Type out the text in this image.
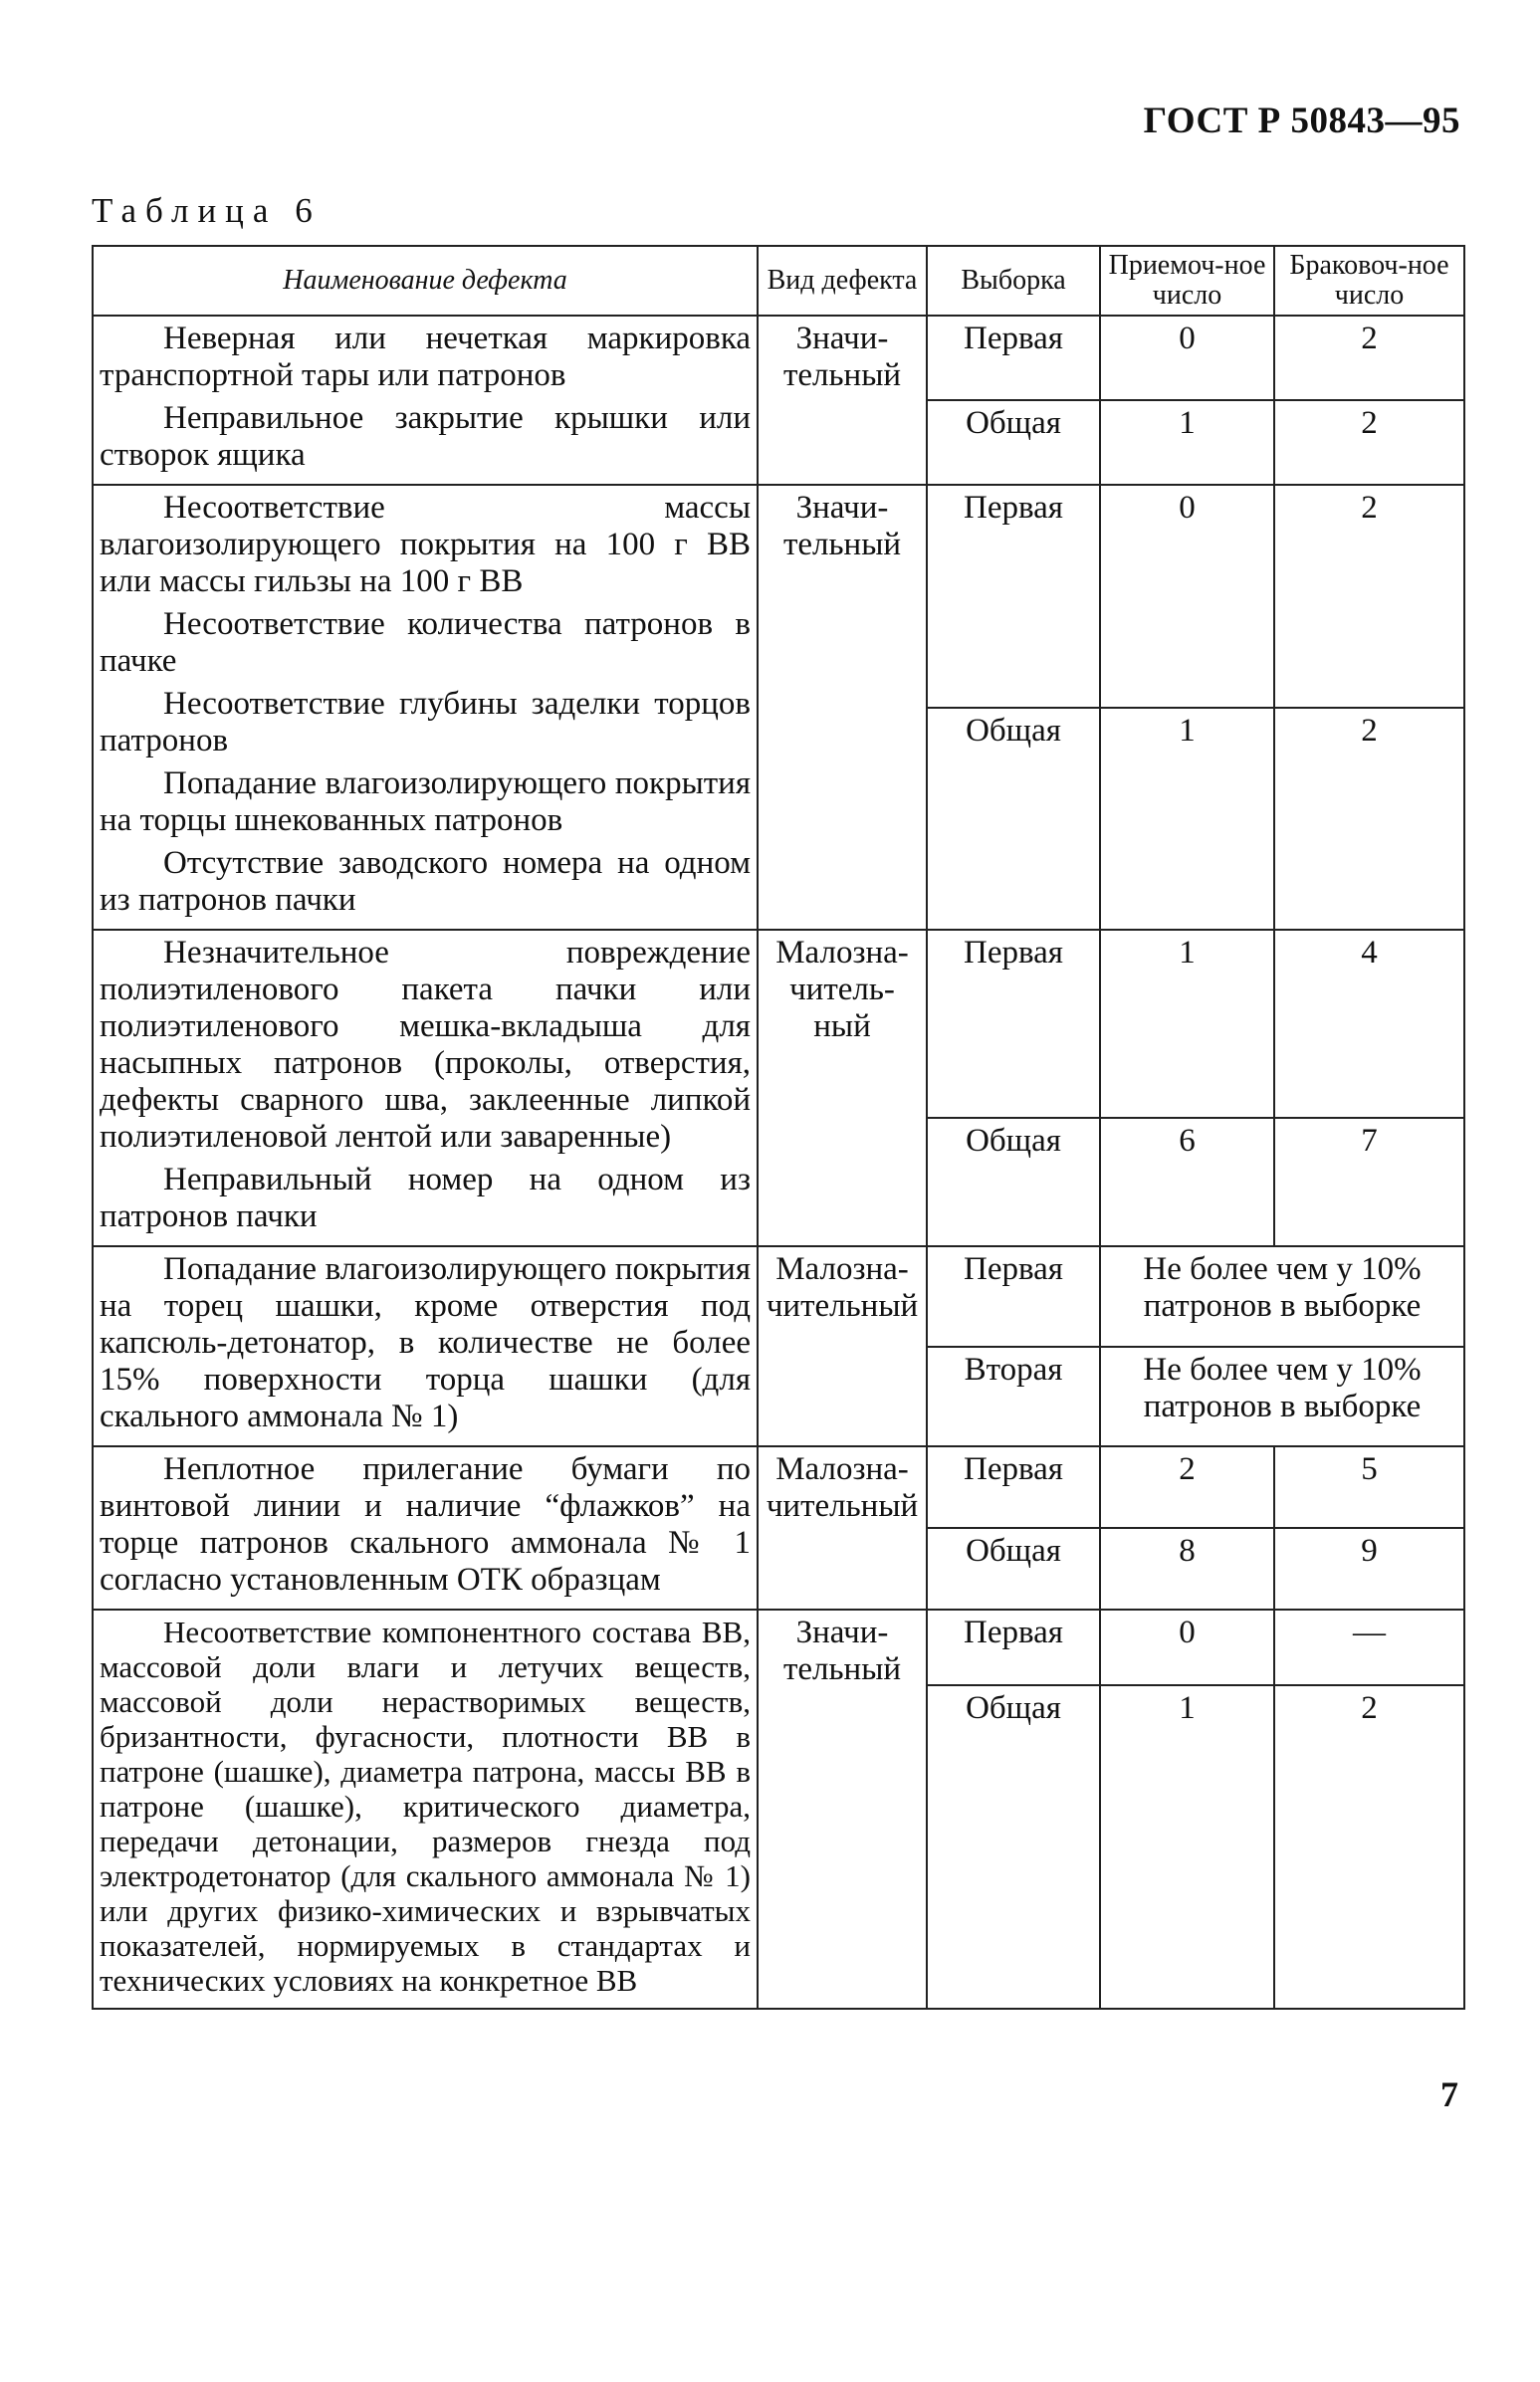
ГОСТ Р 50843—95
Таблица 6
Наименование дефекта	Вид дефекта	Выборка	Приемоч-ное число	Браковоч-ное число

Неверная или нечеткая маркировка транспортной тары или патронов

Неправильное закрытие крышки или створок ящика	Значи-тельный	Первая	0	2
		Общая	1	2

Несоответствие массы влагоизолирующего покрытия на 100 г ВВ или массы гильзы на 100 г ВВ

Несоответствие количества патронов в пачке

Несоответствие глубины заделки торцов патронов

Попадание влагоизолирующего покрытия на торцы шнекованных патронов

Отсутствие заводского номера на одном из патронов пачки	Значи-тельный	Первая	0	2
		Общая	1	2

Незначительное повреждение полиэтиленового пакета пачки или полиэтиленового мешка-вкладыша для насыпных патронов (проколы, отверстия, дефекты сварного шва, заклеенные липкой полиэтиленовой лентой или заваренные)

Неправильный номер на одном из патронов пачки	Малозна-читель-ный	Первая	1	4
		Общая	6	7

Попадание влагоизолирующего покрытия на торец шашки, кроме отверстия под капсюль-детонатор, в количестве не более 15% поверхности торца шашки (для скального аммонала № 1)	Малозна-чительный	Первая	Не более чем у 10% патронов в выборке	
		Вторая	Не более чем у 10% патронов в выборке	

Неплотное прилегание бумаги по винтовой линии и наличие “флажков” на торце патронов скального аммонала № 1 согласно установленным ОТК образцам	Малозна-чительный	Первая	2	5
		Общая	8	9

Несоответствие компонентного состава ВВ, массовой доли влаги и летучих веществ, массовой доли нерастворимых веществ, бризантности, фугасности, плотности ВВ в патроне (шашке), диаметра патрона, массы ВВ в патроне (шашке), критического диаметра, передачи детонации, размеров гнезда под электродетонатор (для скального аммонала № 1) или других физико-химических и взрывчатых показателей, нормируемых в стандартах и технических условиях на конкретное ВВ	Значи-тельный	Первая	0	—
		Общая	1	2
7
